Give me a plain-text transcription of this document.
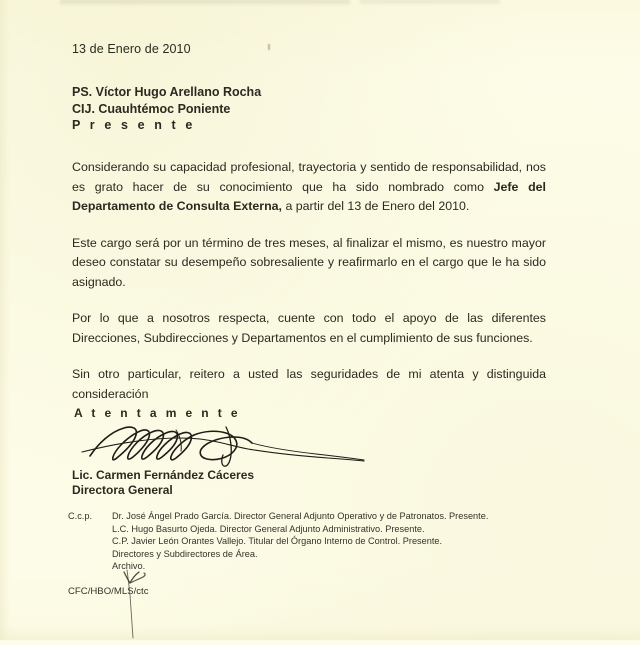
13 de Enero de 2010
PS. Víctor Hugo Arellano Rocha
CIJ. Cuauhtémoc Poniente
P r e s e n t e

Considerando su capacidad profesional, trayectoria y sentido de responsabilidad, nos es grato hacer de su conocimiento que ha sido nombrado como Jefe del Departamento de Consulta Externa, a partir del 13 de Enero del 2010.

Este cargo será por un término de tres meses, al finalizar el mismo, es nuestro mayor deseo constatar su desempeño sobresaliente y reafirmarlo en el cargo que le ha sido asignado.

Por lo que a nosotros respecta, cuente con todo el apoyo de las diferentes Direcciones, Subdirecciones y Departamentos en el cumplimiento de sus funciones.

Sin otro particular, reitero a usted las seguridades de mi atenta y distinguida consideración

A t e n t a m e n t e
Lic. Carmen Fernández Cáceres
Directora General
C.c.p.	Dr. José Ángel Prado García. Director General Adjunto Operativo y de Patronatos. Presente.
L.C. Hugo Basurto Ojeda. Director General Adjunto Administrativo. Presente.
C.P. Javier León Orantes Vallejo. Titular del Órgano Interno de Control. Presente.
Directores y Subdirectores de Área.
Archivo.
CFC/HBO/MLS/ctc
